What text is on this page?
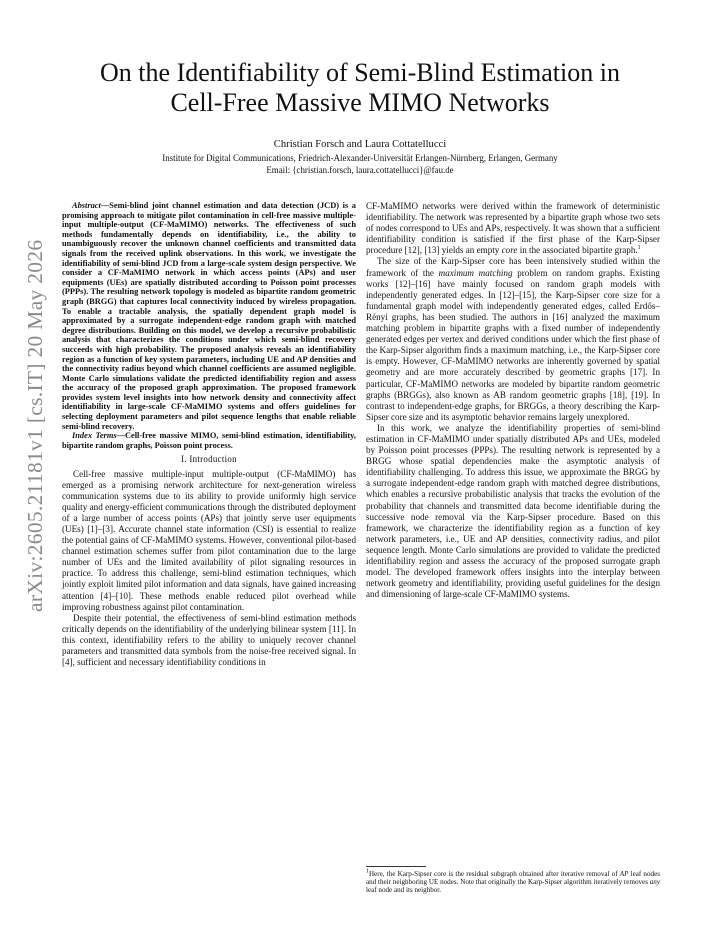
arXiv:2605.21181v1 [cs.IT] 20 May 2026
On the Identifiability of Semi-Blind Estimation in
Cell-Free Massive MIMO Networks
Christian Forsch and Laura Cottatellucci
Institute for Digital Communications, Friedrich-Alexander-Universität Erlangen-Nürnberg, Erlangen, Germany
Email: {christian.forsch, laura.cottatellucci}@fau.de

Abstract—Semi-blind joint channel estimation and data detection (JCD) is a promising approach to mitigate pilot contamination in cell-free massive multiple-input multiple-output (CF-MaMIMO) networks. The effectiveness of such methods fundamentally depends on identifiability, i.e., the ability to unambiguously recover the unknown channel coefficients and transmitted data signals from the received uplink observations. In this work, we investigate the identifiability of semi-blind JCD from a large-scale system design perspective. We consider a CF-MaMIMO network in which access points (APs) and user equipments (UEs) are spatially distributed according to Poisson point processes (PPPs). The resulting network topology is modeled as bipartite random geometric graph (BRGG) that captures local connectivity induced by wireless propagation. To enable a tractable analysis, the spatially dependent graph model is approximated by a surrogate independent-edge random graph with matched degree distributions. Building on this model, we develop a recursive probabilistic analysis that characterizes the conditions under which semi-blind recovery succeeds with high probability. The proposed analysis reveals an identifiability region as a function of key system parameters, including UE and AP densities and the connectivity radius beyond which channel coefficients are assumed negligible. Monte Carlo simulations validate the predicted identifiability region and assess the accuracy of the proposed graph approximation. The proposed framework provides system level insights into how network density and connectivity affect identifiability in large-scale CF-MaMIMO systems and offers guidelines for selecting deployment parameters and pilot sequence lengths that enable reliable semi-blind recovery.

Index Terms—Cell-free massive MIMO, semi-blind estimation, identifiability, bipartite random graphs, Poisson point process.

I. Introduction

Cell-free massive multiple-input multiple-output (CF-MaMIMO) has emerged as a promising network architecture for next-generation wireless communication systems due to its ability to provide uniformly high service quality and energy-efficient communications through the distributed deployment of a large number of access points (APs) that jointly serve user equipments (UEs) [1]–[3]. Accurate channel state information (CSI) is essential to realize the potential gains of CF-MaMIMO systems. However, conventional pilot-based channel estimation schemes suffer from pilot contamination due to the large number of UEs and the limited availability of pilot signaling resources in practice. To address this challenge, semi-blind estimation techniques, which jointly exploit limited pilot information and data signals, have gained increasing attention [4]–[10]. These methods enable reduced pilot overhead while improving robustness against pilot contamination.

Despite their potential, the effectiveness of semi-blind estimation methods critically depends on the identifiability of the underlying bilinear system [11]. In this context, identifiability refers to the ability to uniquely recover channel parameters and transmitted data symbols from the noise-free received signal. In [4], sufficient and necessary identifiability conditions in

CF-MaMIMO networks were derived within the framework of deterministic identifiability. The network was represented by a bipartite graph whose two sets of nodes correspond to UEs and APs, respectively. It was shown that a sufficient identifiability condition is satisfied if the first phase of the Karp-Sipser procedure [12], [13] yields an empty core in the associated bipartite graph.$^1$

The size of the Karp-Sipser core has been intensively studied within the framework of the maximum matching problem on random graphs. Existing works [12]–[16] have mainly focused on random graph models with independently generated edges. In [12]–[15], the Karp-Sipser core size for a fundamental graph model with independently generated edges, called Erdős–Rényi graphs, has been studied. The authors in [16] analyzed the maximum matching problem in bipartite graphs with a fixed number of independently generated edges per vertex and derived conditions under which the first phase of the Karp-Sipser algorithm finds a maximum matching, i.e., the Karp-Sipser core is empty. However, CF-MaMIMO networks are inherently governed by spatial geometry and are more accurately described by geometric graphs [17]. In particular, CF-MaMIMO networks are modeled by bipartite random geometric graphs (BRGGs), also known as AB random geometric graphs [18], [19]. In contrast to independent-edge graphs, for BRGGs, a theory describing the Karp-Sipser core size and its asymptotic behavior remains largely unexplored.

In this work, we analyze the identifiability properties of semi-blind estimation in CF-MaMIMO under spatially distributed APs and UEs, modeled by Poisson point processes (PPPs). The resulting network is represented by a BRGG whose spatial dependencies make the asymptotic analysis of identifiability challenging. To address this issue, we approximate the BRGG by a surrogate independent-edge random graph with matched degree distributions, which enables a recursive probabilistic analysis that tracks the evolution of the probability that channels and transmitted data become identifiable during the successive node removal via the Karp-Sipser procedure. Based on this framework, we characterize the identifiability region as a function of key network parameters, i.e., UE and AP densities, connectivity radius, and pilot sequence length. Monte Carlo simulations are provided to validate the predicted identifiability region and assess the accuracy of the proposed surrogate graph model. The developed framework offers insights into the interplay between network geometry and identifiability, providing useful guidelines for the design and dimensioning of large-scale CF-MaMIMO systems.

$^1$Here, the Karp-Sipser core is the residual subgraph obtained after iterative removal of AP leaf nodes and their neighboring UE nodes. Note that originally the Karp-Sipser algorithm iteratively removes any leaf node and its neighbor.
